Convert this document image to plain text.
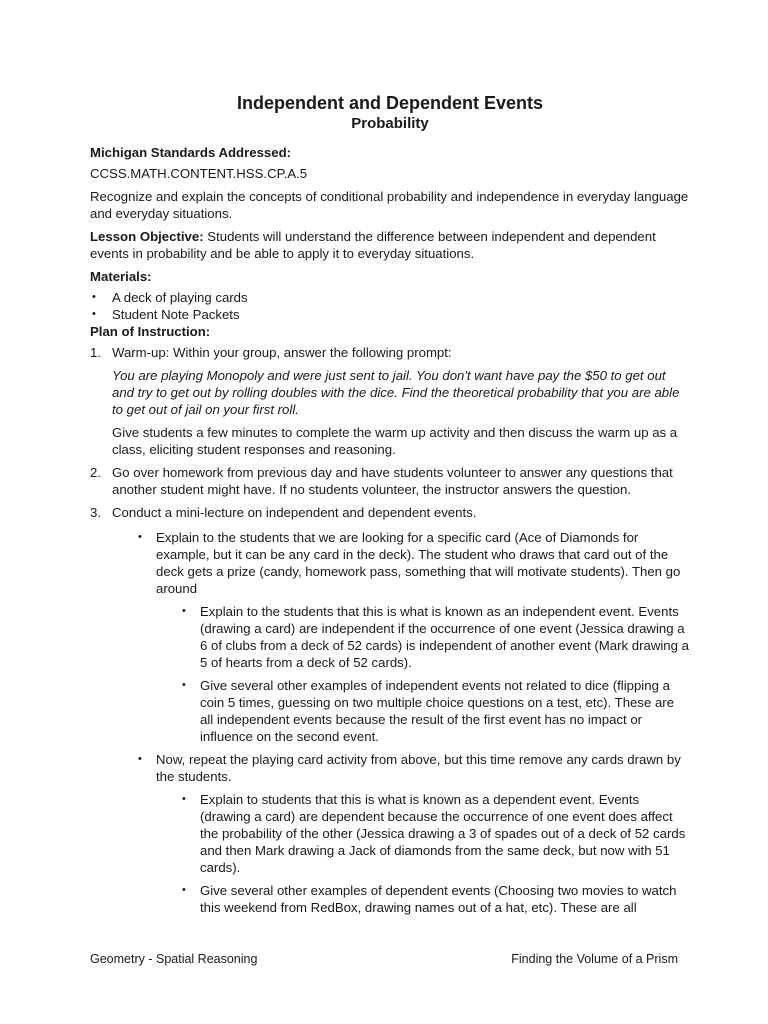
Independent and Dependent Events
Probability
Michigan Standards Addressed:

CCSS.MATH.CONTENT.HSS.CP.A.5

Recognize and explain the concepts of conditional probability and independence in everyday language and everyday situations.

Lesson Objective: Students will understand the difference between independent and dependent events in probability and be able to apply it to everyday situations.

Materials:
• A deck of playing cards
• Student Note Packets
Plan of Instruction:
1. Warm-up: Within your group, answer the following prompt:

You are playing Monopoly and were just sent to jail. You don't want have pay the $50 to get out and try to get out by rolling doubles with the dice. Find the theoretical probability that you are able to get out of jail on your first roll.

Give students a few minutes to complete the warm up activity and then discuss the warm up as a class, eliciting student responses and reasoning.

2. Go over homework from previous day and have students volunteer to answer any questions that another student might have. If no students volunteer, the instructor answers the question.

3. Conduct a mini-lecture on independent and dependent events.

• Explain to the students that we are looking for a specific card (Ace of Diamonds for example, but it can be any card in the deck). The student who draws that card out of the deck gets a prize (candy, homework pass, something that will motivate students). Then go around
• Explain to the students that this is what is known as an independent event. Events (drawing a card) are independent if the occurrence of one event (Jessica drawing a 6 of clubs from a deck of 52 cards) is independent of another event (Mark drawing a 5 of hearts from a deck of 52 cards).
• Give several other examples of independent events not related to dice (flipping a coin 5 times, guessing on two multiple choice questions on a test, etc). These are all independent events because the result of the first event has no impact or influence on the second event.
• Now, repeat the playing card activity from above, but this time remove any cards drawn by the students.
• Explain to students that this is what is known as a dependent event. Events (drawing a card) are dependent because the occurrence of one event does affect the probability of the other (Jessica drawing a 3 of spades out of a deck of 52 cards and then Mark drawing a Jack of diamonds from the same deck, but now with 51 cards).
• Give several other examples of dependent events (Choosing two movies to watch this weekend from RedBox, drawing names out of a hat, etc). These are all
Geometry - Spatial Reasoning	Finding the Volume of a Prism
